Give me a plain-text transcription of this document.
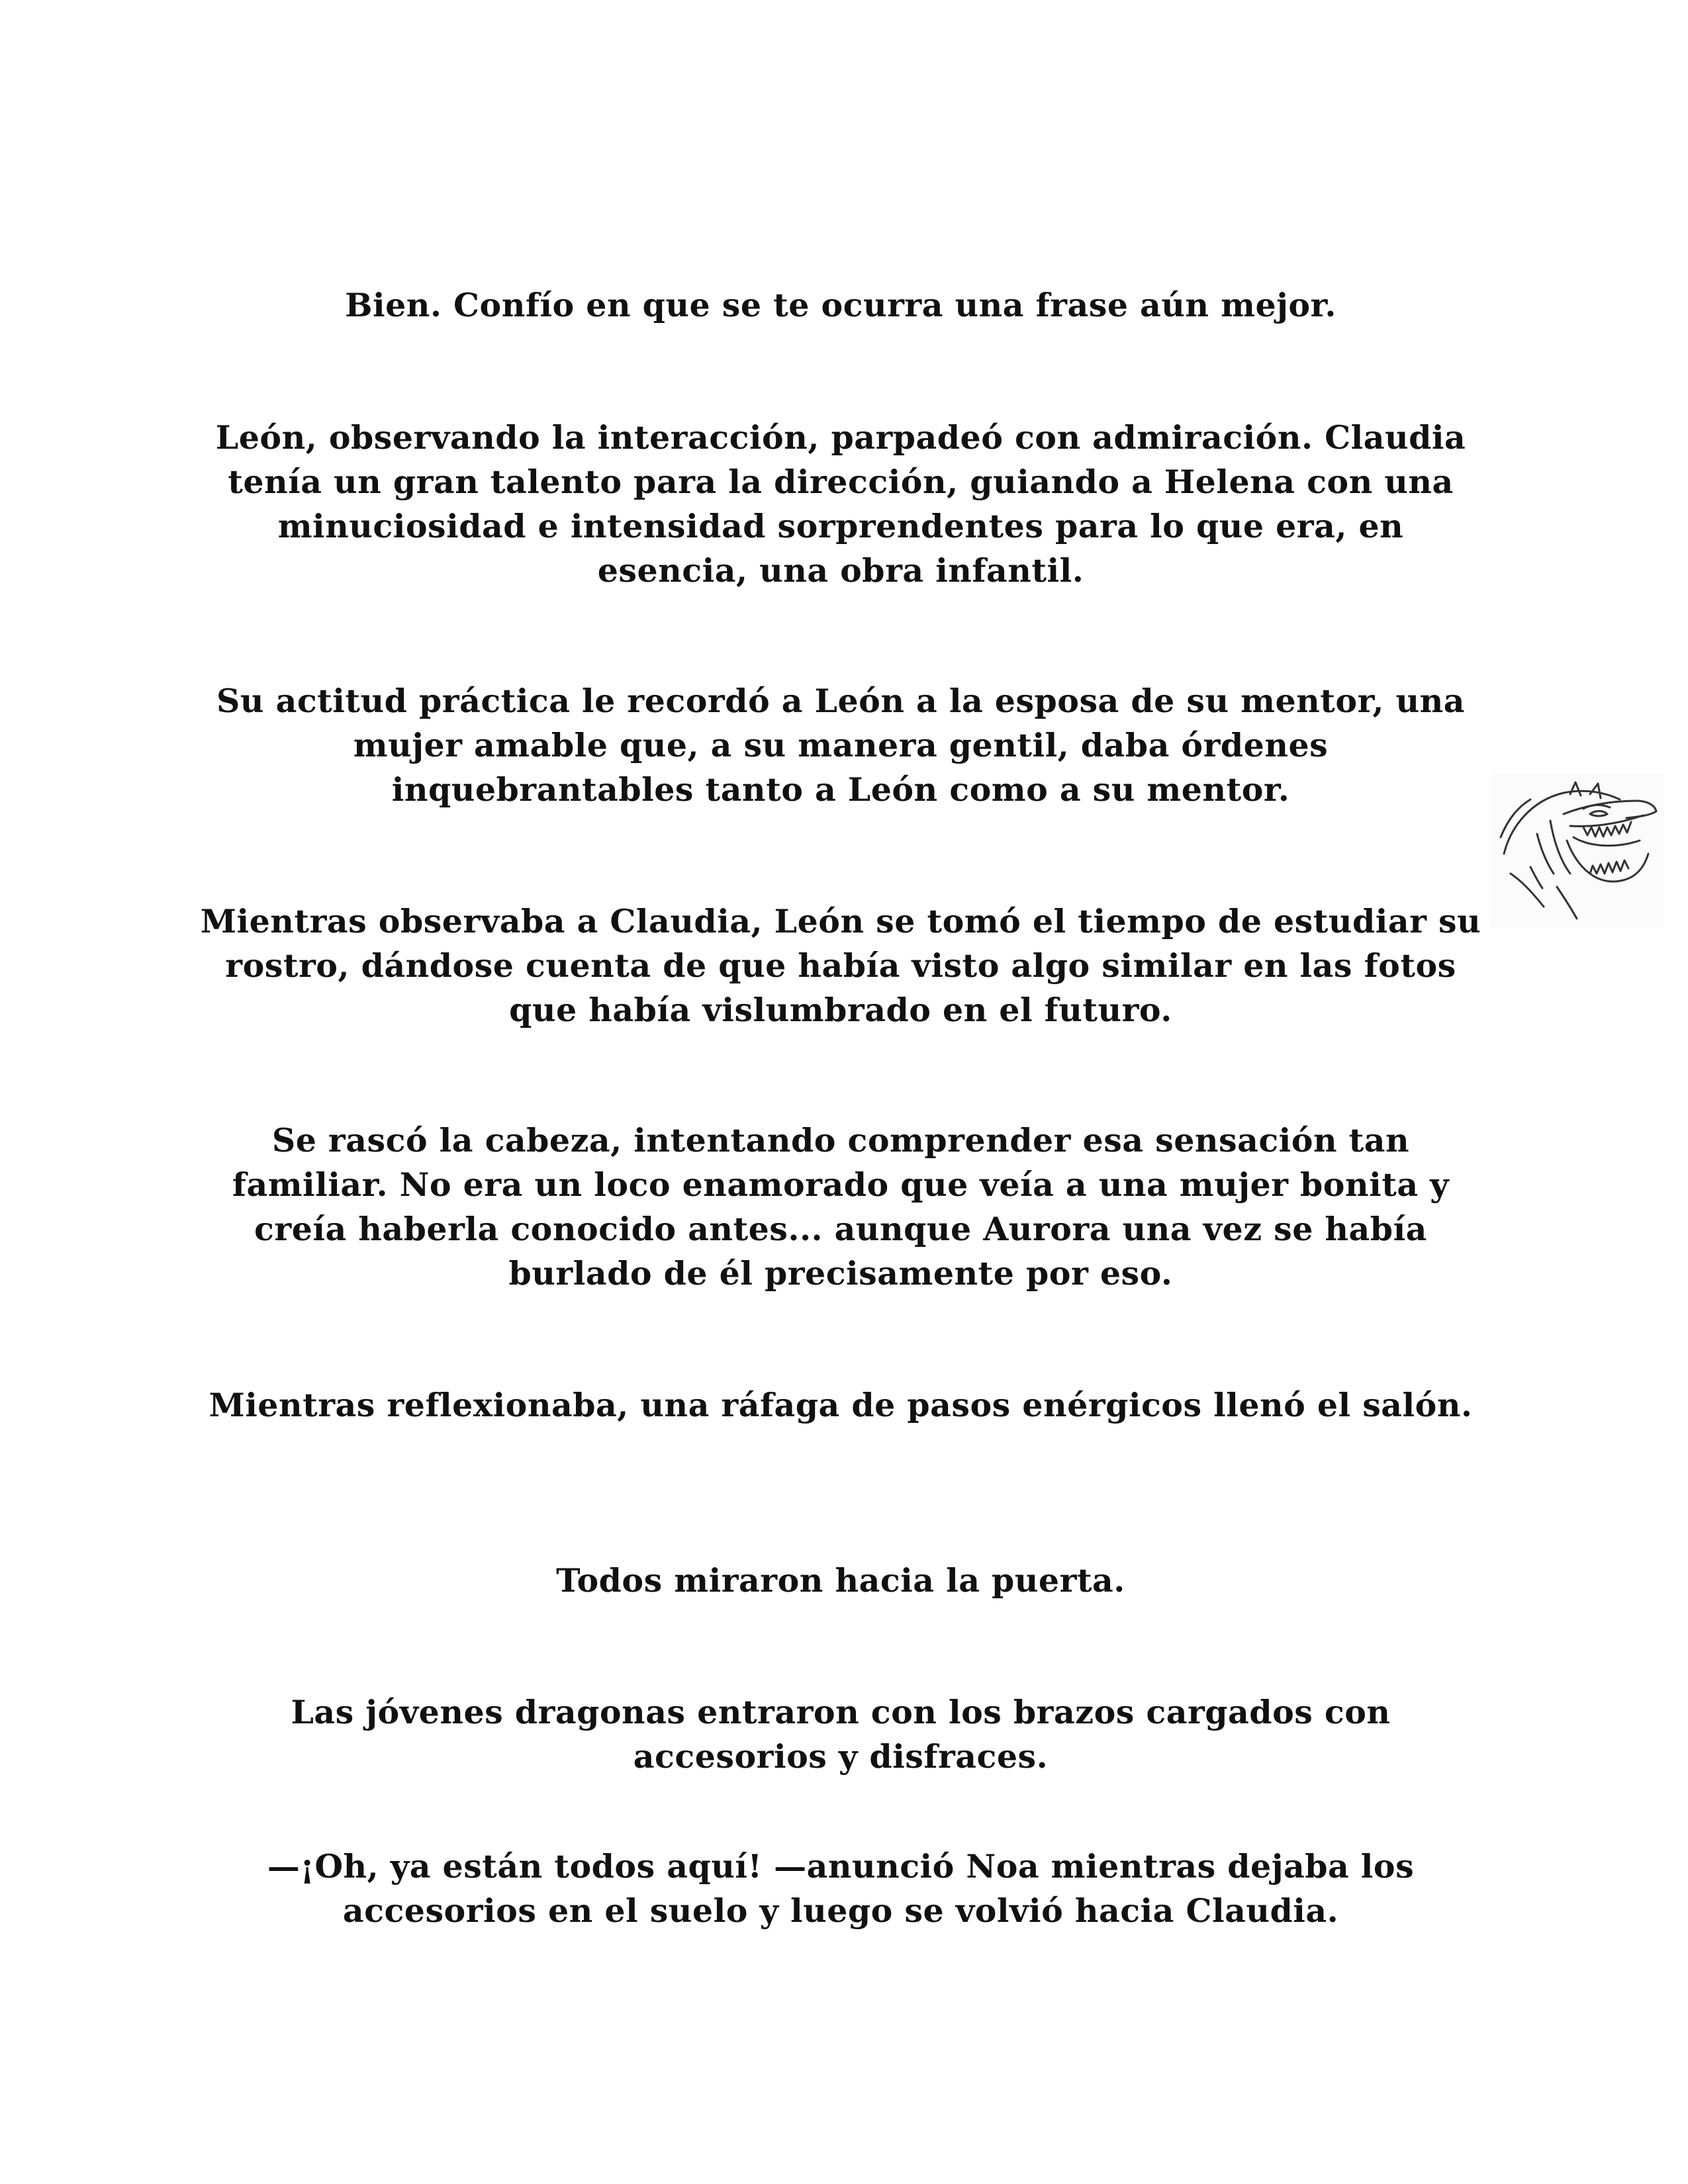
Bien. Confío en que se te ocurra una frase aún mejor.

León, observando la interacción, parpadeó con admiración. Claudia tenía un gran talento para la dirección, guiando a Helena con una minuciosidad e intensidad sorprendentes para lo que era, en esencia, una obra infantil.

Su actitud práctica le recordó a León a la esposa de su mentor, una mujer amable que, a su manera gentil, daba órdenes inquebrantables tanto a León como a su mentor.

Mientras observaba a Claudia, León se tomó el tiempo de estudiar su rostro, dándose cuenta de que había visto algo similar en las fotos que había vislumbrado en el futuro.

Se rascó la cabeza, intentando comprender esa sensación tan familiar. No era un loco enamorado que veía a una mujer bonita y creía haberla conocido antes... aunque Aurora una vez se había burlado de él precisamente por eso.

Mientras reflexionaba, una ráfaga de pasos enérgicos llenó el salón.

Todos miraron hacia la puerta.

Las jóvenes dragonas entraron con los brazos cargados con accesorios y disfraces.

—¡Oh, ya están todos aquí! —anunció Noa mientras dejaba los accesorios en el suelo y luego se volvió hacia Claudia.
